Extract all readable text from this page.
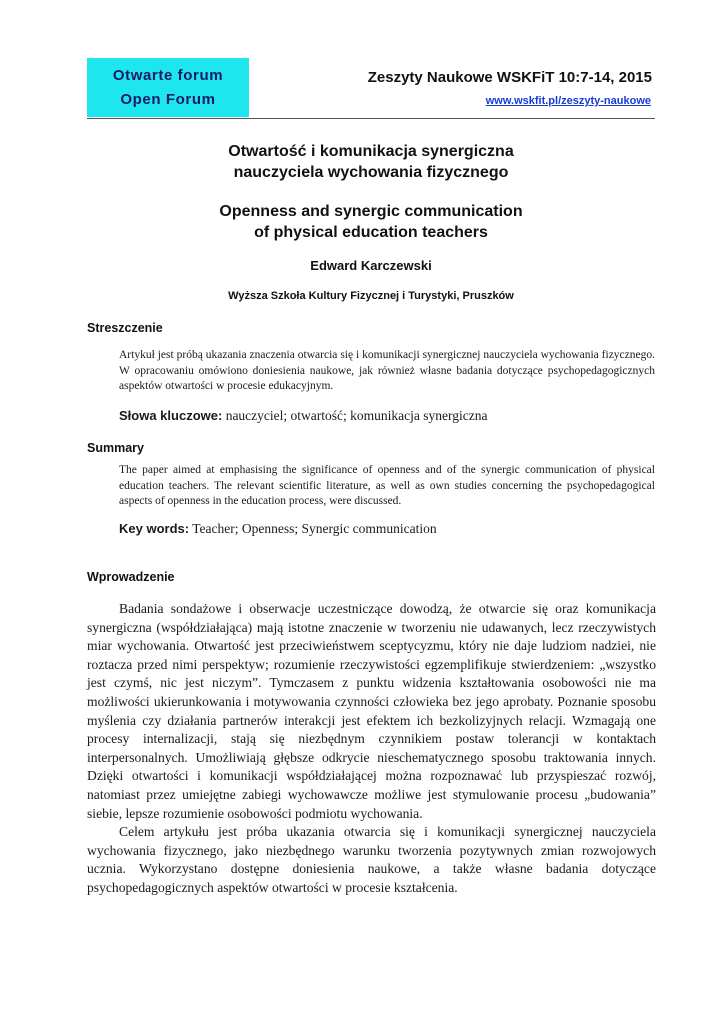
Otwarte forum
Open Forum
Zeszyty Naukowe WSKFiT 10:7-14, 2015
www.wskfit.pl/zeszyty-naukowe
Otwartość i komunikacja synergiczna
nauczyciela wychowania fizycznego
Openness and synergic communication
of physical education teachers
Edward Karczewski
Wyższa Szkoła Kultury Fizycznej i Turystyki, Pruszków
Streszczenie

Artykuł jest próbą ukazania znaczenia otwarcia się i komunikacji synergicznej nauczyciela wychowania fizycznego. W opracowaniu omówiono doniesienia naukowe, jak również własne badania dotyczące psychopedagogicznych aspektów otwartości w procesie edukacyjnym.

Słowa kluczowe: nauczyciel; otwartość; komunikacja synergiczna
Summary

The paper aimed at emphasising the significance of openness and of the synergic communication of physical education teachers. The relevant scientific literature, as well as own studies concerning the psychopedagogical aspects of openness in the education process, were discussed.

Key words: Teacher; Openness; Synergic communication
Wprowadzenie

Badania sondażowe i obserwacje uczestniczące dowodzą, że otwarcie się oraz komunikacja synergiczna (współdziałająca) mają istotne znaczenie w tworzeniu nie udawanych, lecz rzeczywistych miar wychowania. Otwartość jest przeciwieństwem sceptycyzmu, który nie daje ludziom nadziei, nie roztacza przed nimi perspektyw; rozumienie rzeczywistości egzemplifikuje stwierdzeniem: „wszystko jest czymś, nic jest niczym”. Tymczasem z punktu widzenia kształtowania osobowości nie ma możliwości ukierunkowania i motywowania czynności człowieka bez jego aprobaty. Poznanie sposobu myślenia czy działania partnerów interakcji jest efektem ich bezkolizyjnych relacji. Wzmagają one procesy internalizacji, stają się niezbędnym czynnikiem postaw tolerancji w kontaktach interpersonalnych. Umożliwiają głębsze odkrycie nieschematycznego sposobu traktowania innych. Dzięki otwartości i komunikacji współdziałającej można rozpoznawać lub przyspieszać rozwój, natomiast przez umiejętne zabiegi wychowawcze możliwe jest stymulowanie procesu „budowania” siebie, lepsze rozumienie osobowości podmiotu wychowania.

Celem artykułu jest próba ukazania otwarcia się i komunikacji synergicznej nauczyciela wychowania fizycznego, jako niezbędnego warunku tworzenia pozytywnych zmian rozwojowych ucznia. Wykorzystano dostępne doniesienia naukowe, a także własne badania dotyczące psychopedagogicznych aspektów otwartości w procesie kształcenia.
